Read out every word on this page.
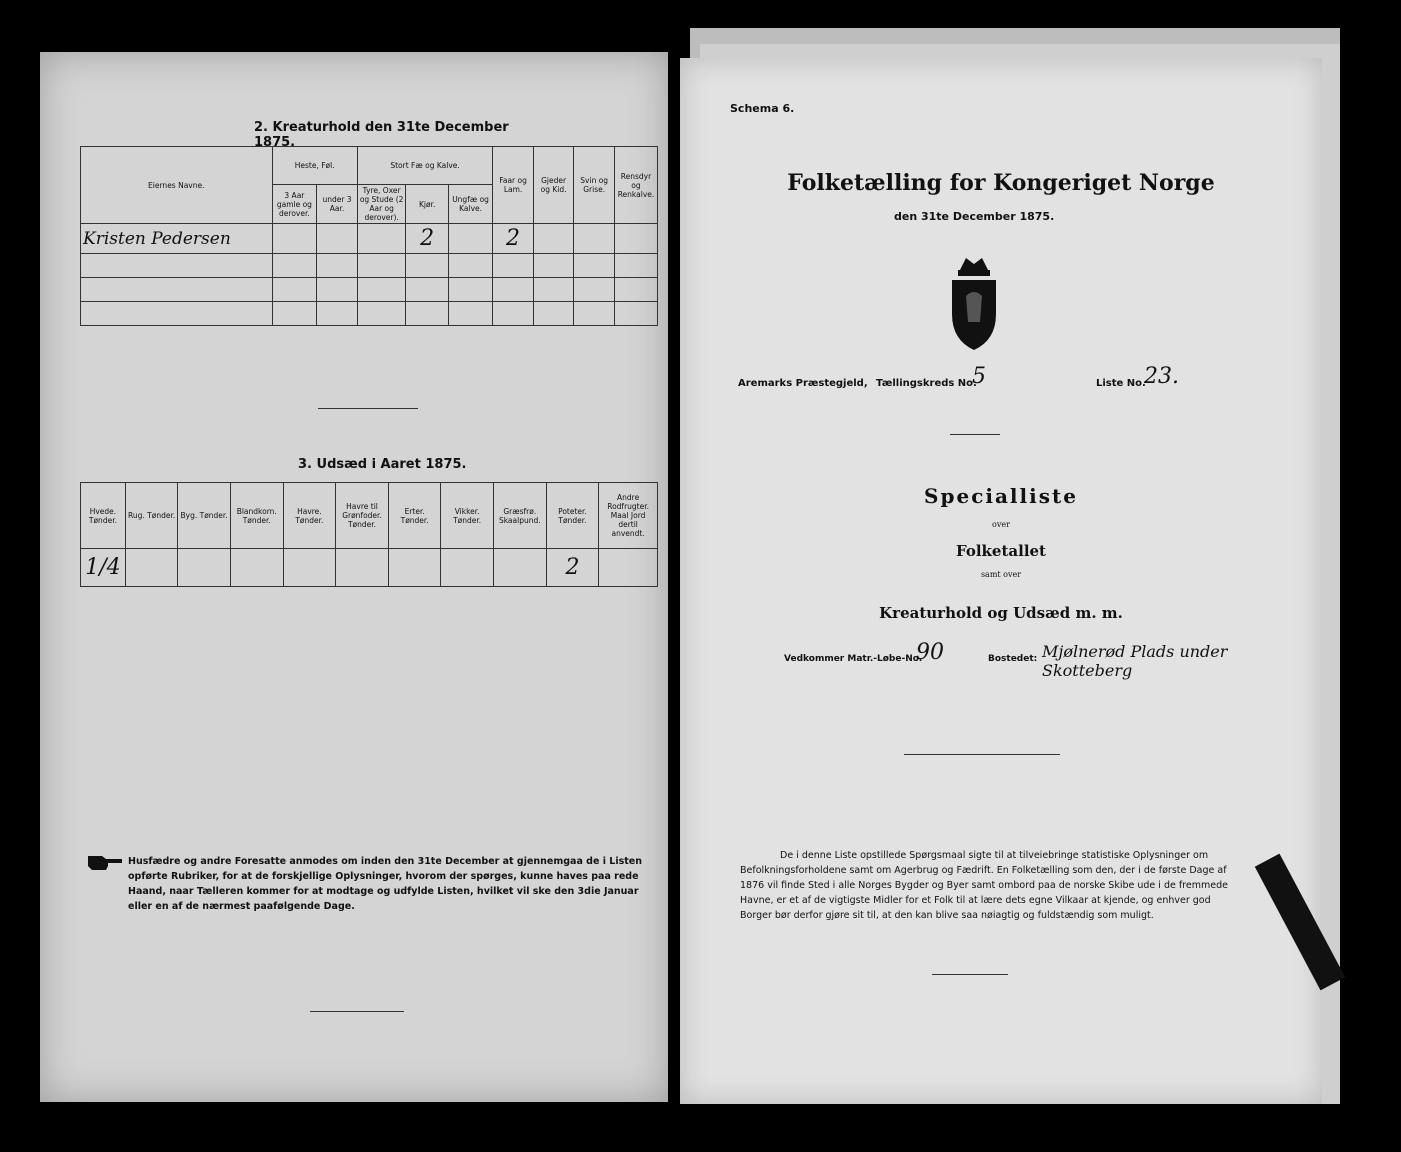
2. Kreaturhold den 31te December 1875.
Eiernes Navne.	Heste, Føl.		Stort Fæ og Kalve.			Faar og Lam.	Gjeder og Kid.	Svin og Grise.	Rensdyr og Renkalve.
	3 Aar gamle og derover.	under 3 Aar.	Tyre, Oxer og Stude (2 Aar og derover).	Kjør.	Ungfæ og Kalve.				
Kristen Pedersen				2		2			

3. Udsæd i Aaret 1875.
Hvede. Tønder.	Rug. Tønder.	Byg. Tønder.	Blandkorn. Tønder.	Havre. Tønder.	Havre til Grønfoder. Tønder.	Erter. Tønder.	Vikker. Tønder.	Græsfrø. Skaalpund.	Poteter. Tønder.	Andre Rodfrugter. Maal Jord dertil anvendt.
1/4									2	
Husfædre og andre Foresatte anmodes om inden den 31te December at gjennemgaa de i Listen opførte Rubriker, for at de forskjellige Oplysninger, hvorom der spørges, kunne haves paa rede Haand, naar Tælleren kommer for at modtage og udfylde Listen, hvilket vil ske den 3die Januar eller en af de nærmest paafølgende Dage.
Schema 6.
Folketælling for Kongeriget Norge
den 31te December 1875.
Aremarks Præstegjeld, Tællingskreds No.
5	Liste No.
23.
Specialliste
over
Folketallet
samt over
Kreaturhold og Udsæd m. m.
Vedkommer Matr.-Løbe-No.
90	Bostedet: Mjølnerød Plads under Skotteberg
De i denne Liste opstillede Spørgsmaal sigte til at tilveiebringe statistiske Oplysninger om Befolkningsforholdene samt om Agerbrug og Fædrift. En Folketælling som den, der i de første Dage af 1876 vil finde Sted i alle Norges Bygder og Byer samt ombord paa de norske Skibe ude i de fremmede Havne, er et af de vigtigste Midler for et Folk til at lære dets egne Vilkaar at kjende, og enhver god Borger bør derfor gjøre sit til, at den kan blive saa nøiagtig og fuldstændig som muligt.
